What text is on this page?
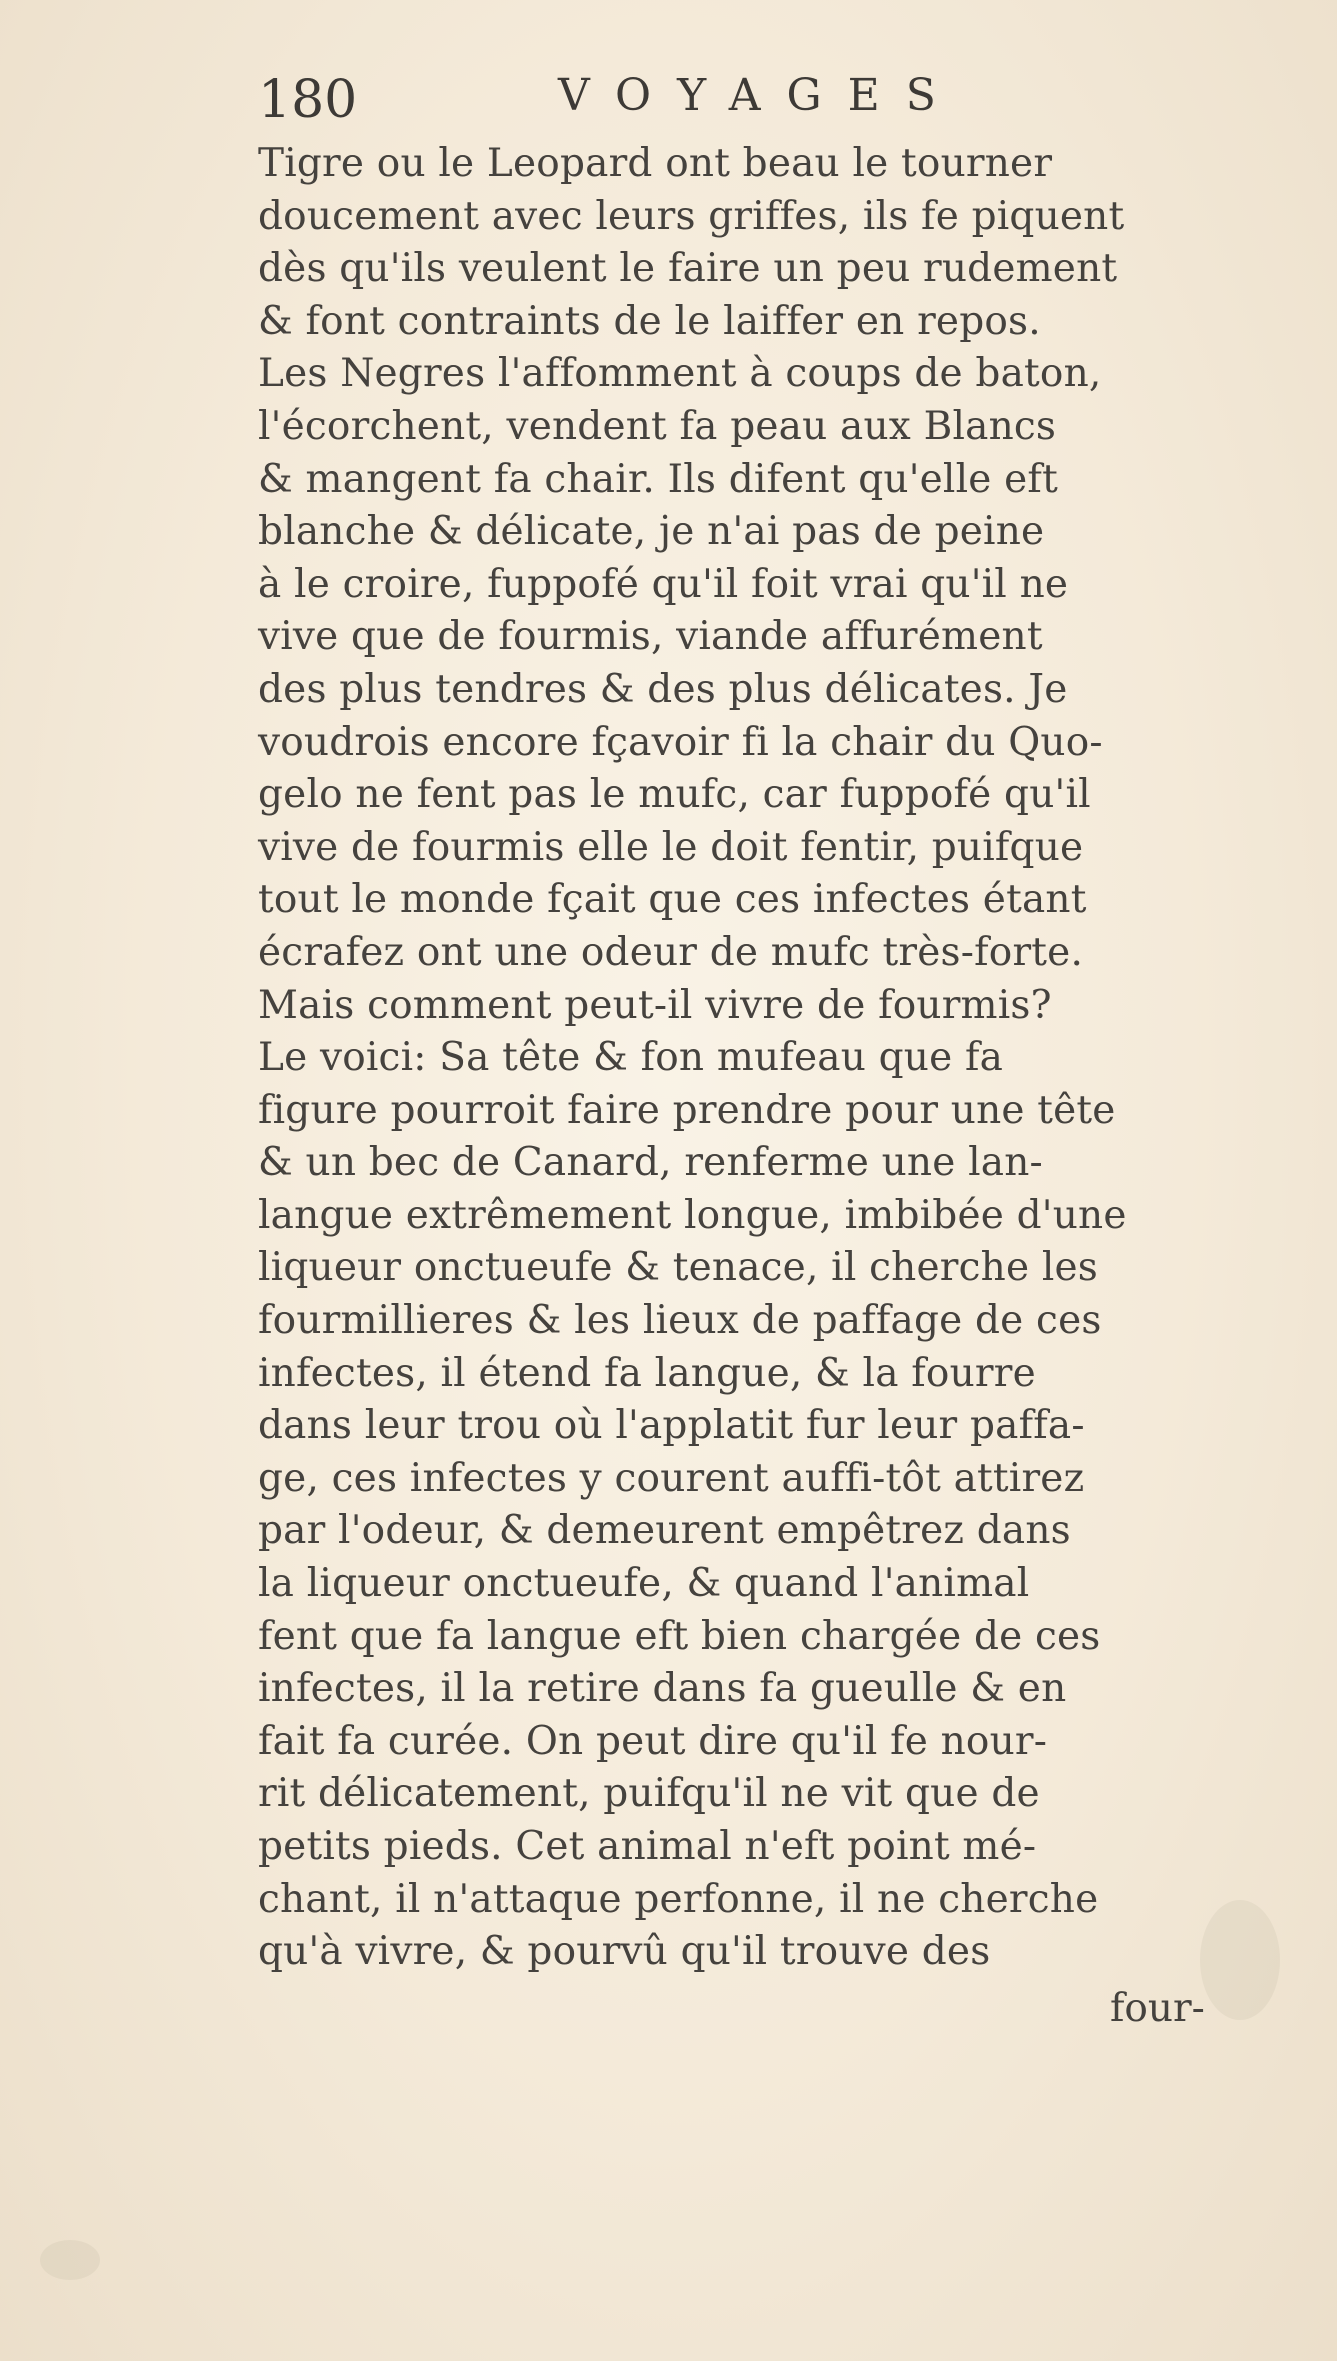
180	VOYAGES
Tigre ou le Leopard ont beau le tourner
doucement avec leurs griffes, ils fe piquent
dès qu'ils veulent le faire un peu rudement
& font contraints de le laiffer en repos.
Les Negres l'affomment à coups de baton,
l'écorchent, vendent fa peau aux Blancs
& mangent fa chair. Ils difent qu'elle eft
blanche & délicate, je n'ai pas de peine
à le croire, fuppofé qu'il foit vrai qu'il ne
vive que de fourmis, viande affurément
des plus tendres & des plus délicates. Je
voudrois encore fçavoir fi la chair du Quo-
gelo ne fent pas le mufc, car fuppofé qu'il
vive de fourmis elle le doit fentir, puifque
tout le monde fçait que ces infectes étant
écrafez ont une odeur de mufc très-forte.
Mais comment peut-il vivre de fourmis?
Le voici: Sa tête & fon mufeau que fa
figure pourroit faire prendre pour une tête
& un bec de Canard, renferme une lan-
langue extrêmement longue, imbibée d'une
liqueur onctueufe & tenace, il cherche les
fourmillieres & les lieux de paffage de ces
infectes, il étend fa langue, & la fourre
dans leur trou où l'applatit fur leur paffa-
ge, ces infectes y courent auffi-tôt attirez
par l'odeur, & demeurent empêtrez dans
la liqueur onctueufe, & quand l'animal
fent que fa langue eft bien chargée de ces
infectes, il la retire dans fa gueulle & en
fait fa curée. On peut dire qu'il fe nour-
rit délicatement, puifqu'il ne vit que de
petits pieds. Cet animal n'eft point mé-
chant, il n'attaque perfonne, il ne cherche
qu'à vivre, & pourvû qu'il trouve des
four-
